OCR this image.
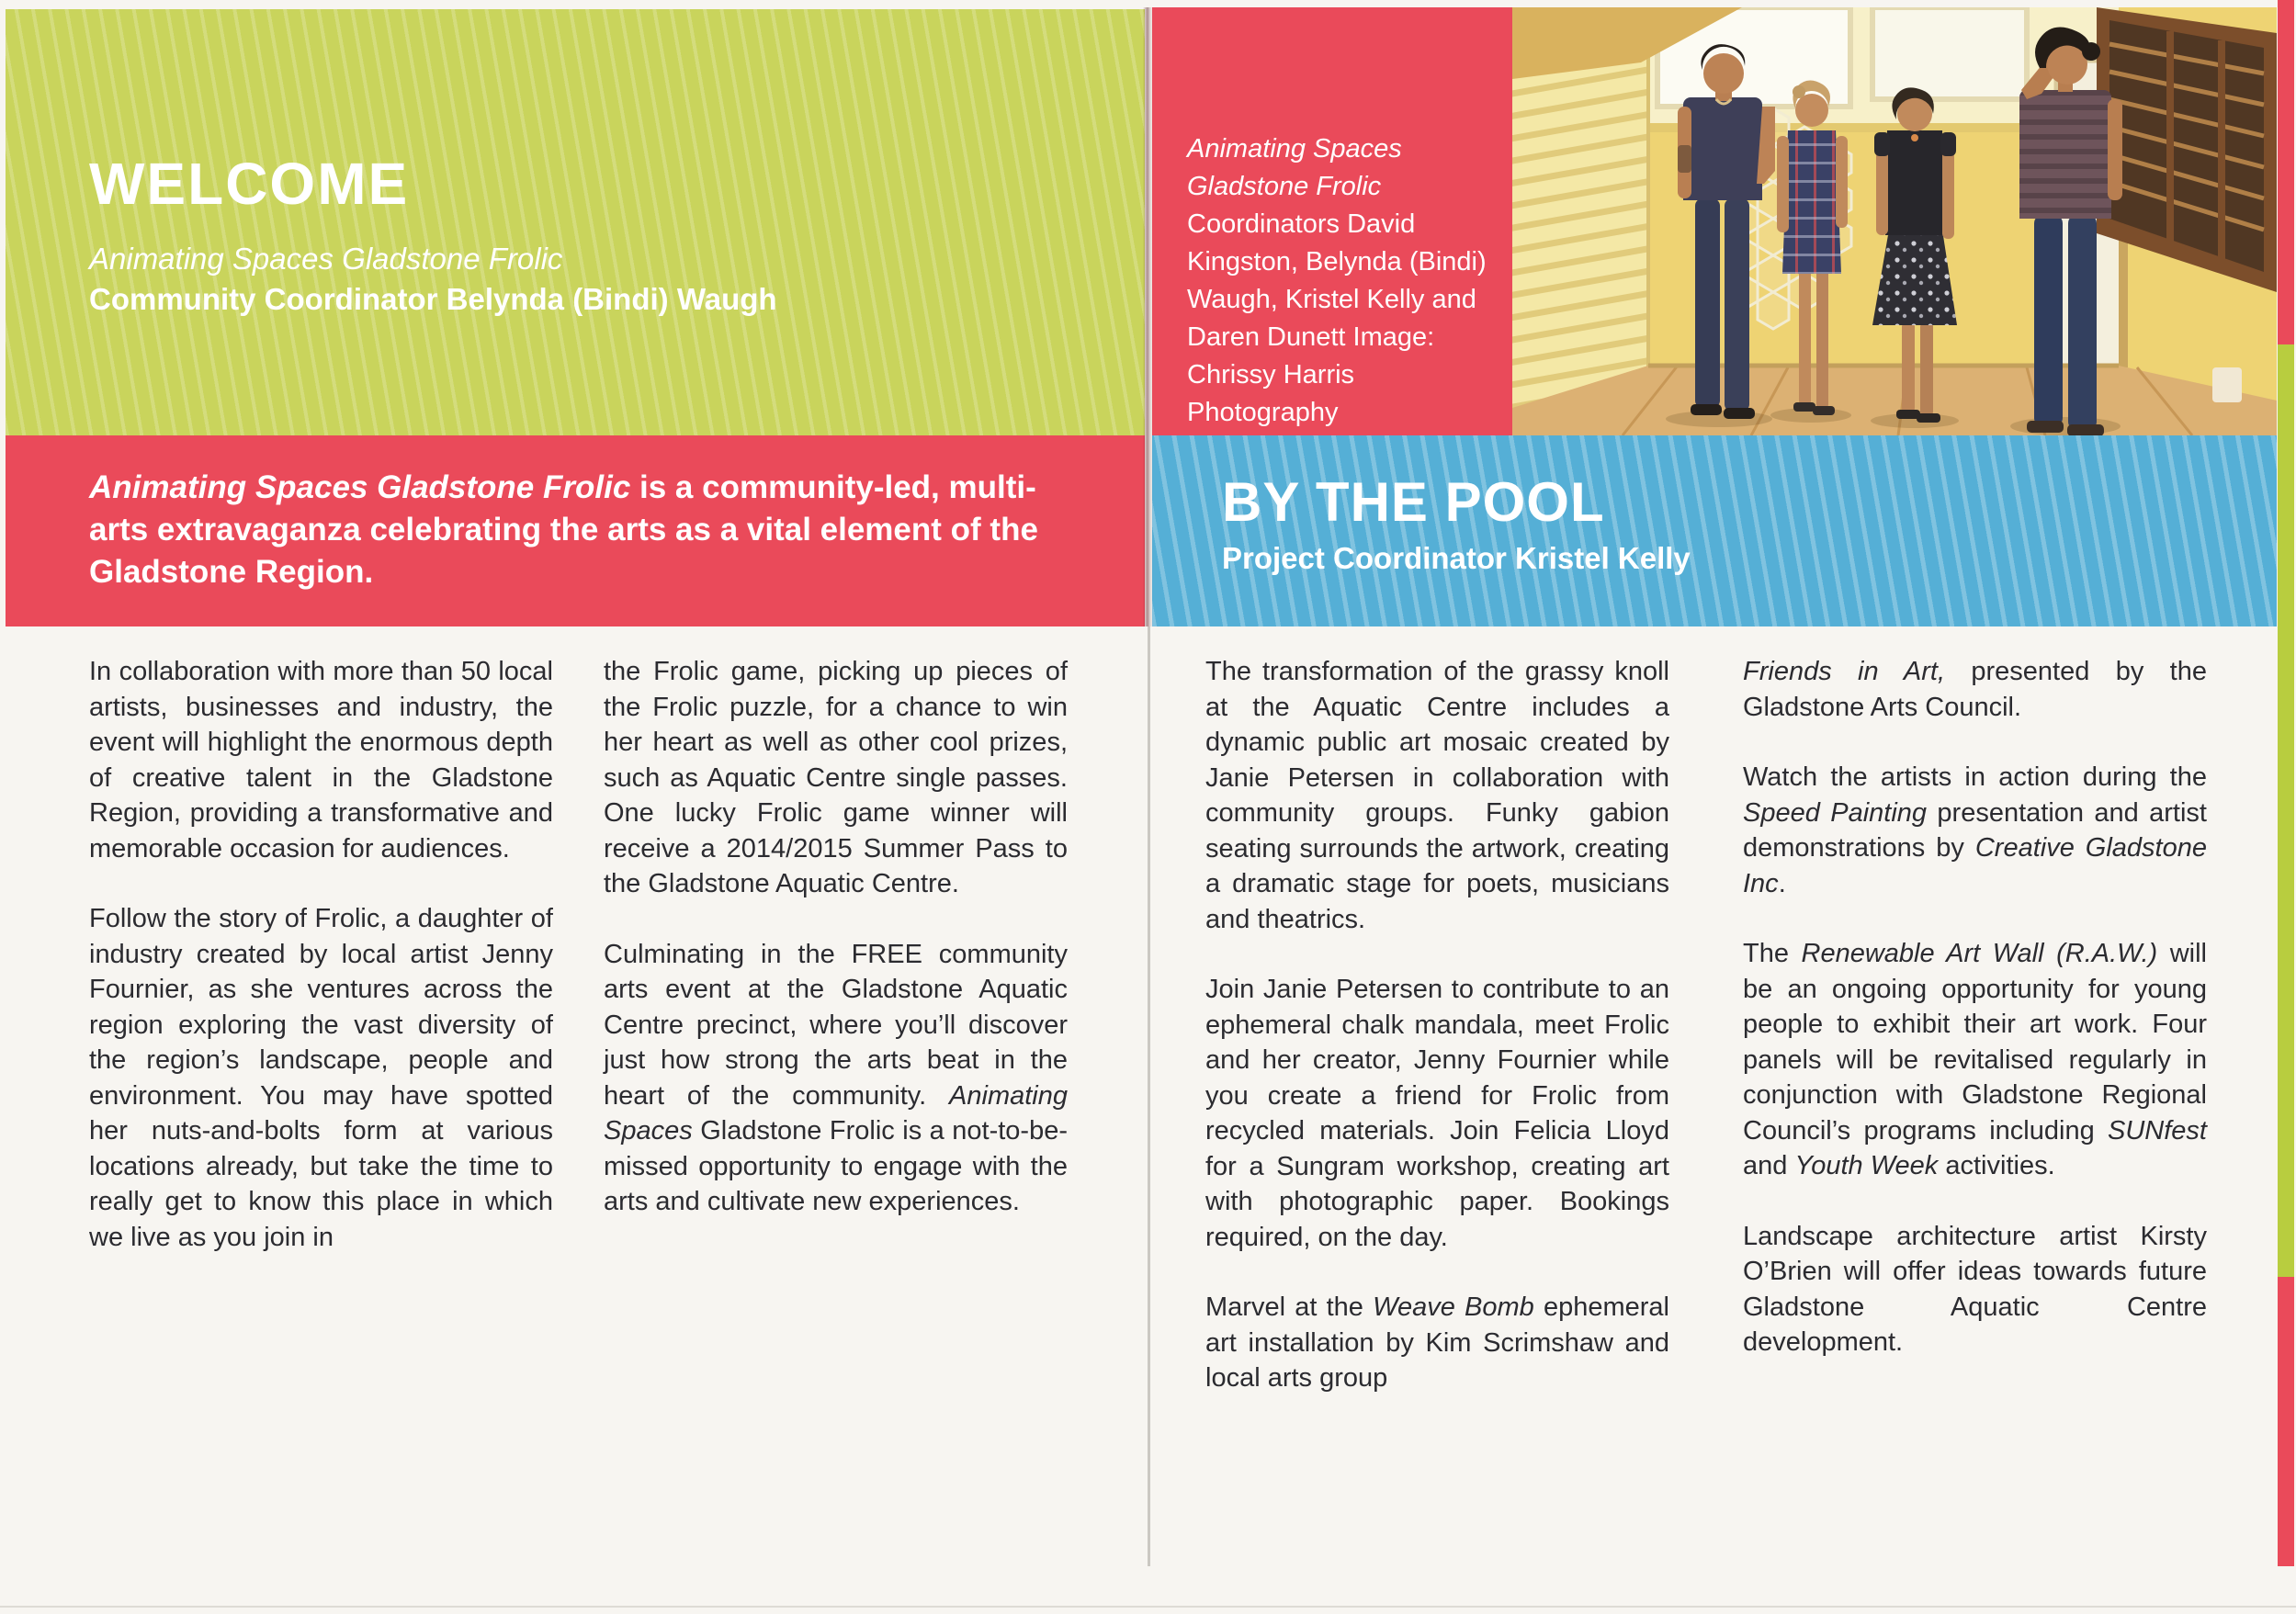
WELCOME

Animating Spaces Gladstone Frolic

Community Coordinator Belynda (Bindi) Waugh

Animating Spaces Gladstone Frolic is a community-led, multi-arts extravaganza celebrating the arts as a vital element of the Gladstone Region.

In collaboration with more than 50 local artists, businesses and industry, the event will highlight the enormous depth of creative talent in the Gladstone Region, providing a transformative and memorable occasion for audiences.

Follow the story of Frolic, a daughter of industry created by local artist Jenny Fournier, as she ventures across the region exploring the vast diversity of the region’s landscape, people and environment. You may have spotted her nuts-and-bolts form at various locations already, but take the time to really get to know this place in which we live as you join in

the Frolic game, picking up pieces of the Frolic puzzle, for a chance to win her heart as well as other cool prizes, such as Aquatic Centre single passes. One lucky Frolic game winner will receive a 2014/2015 Summer Pass to the Gladstone Aquatic Centre.

Culminating in the FREE community arts event at the Gladstone Aquatic Centre precinct, where you’ll discover just how strong the arts beat in the heart of the community. Animating Spaces Gladstone Frolic is a not-to-be-missed opportunity to engage with the arts and cultivate new experiences.

Animating Spaces Gladstone Frolic Coordinators David Kingston, Belynda (Bindi) Waugh, Kristel Kelly and Daren Dunett Image: Chrissy Harris Photography

BY THE POOL

Project Coordinator Kristel Kelly

The transformation of the grassy knoll at the Aquatic Centre includes a dynamic public art mosaic created by Janie Petersen in collaboration with community groups. Funky gabion seating surrounds the artwork, creating a dramatic stage for poets, musicians and theatrics.

Join Janie Petersen to contribute to an ephemeral chalk mandala, meet Frolic and her creator, Jenny Fournier while you create a friend for Frolic from recycled materials. Join Felicia Lloyd for a Sungram workshop, creating art with photographic paper. Bookings required, on the day.

Marvel at the Weave Bomb ephemeral art installation by Kim Scrimshaw and local arts group

Friends in Art, presented by the Gladstone Arts Council.

Watch the artists in action during the Speed Painting presentation and artist demonstrations by Creative Gladstone Inc.

The Renewable Art Wall (R.A.W.) will be an ongoing opportunity for young people to exhibit their art work. Four panels will be revitalised regularly in conjunction with Gladstone Regional Council’s programs including SUNfest and Youth Week activities.

Landscape architecture artist Kirsty O’Brien will offer ideas towards future Gladstone Aquatic Centre development.
